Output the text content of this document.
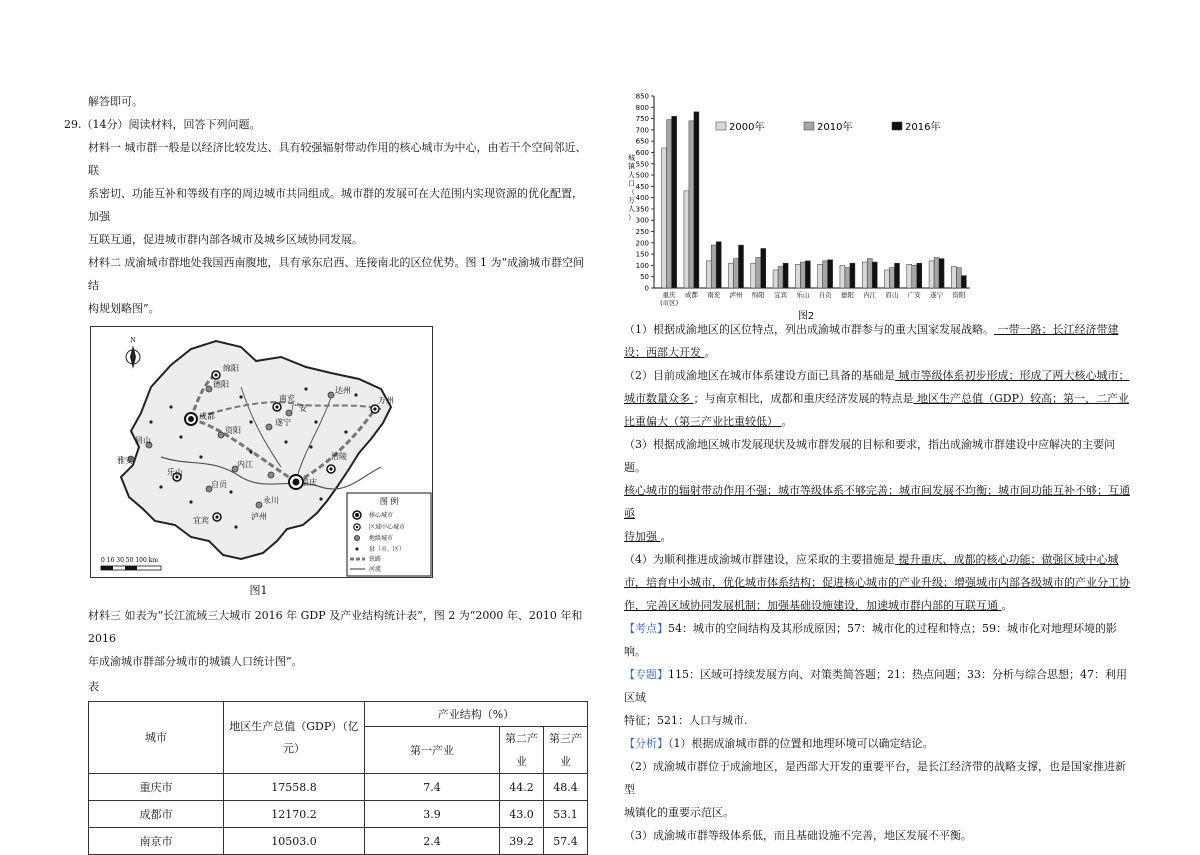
解答即可。

29.（14分）阅读材料，回答下列问题。

材料一 城市群一般是以经济比较发达、具有较强辐射带动作用的核心城市为中心，由若干个空间邻近、联

系密切、功能互补和等级有序的周边城市共同组成。城市群的发展可在大范围内实现资源的优化配置，加强

互联互通，促进城市群内部各城市及城乡区域协同发展。

材料二 成渝城市群地处我国西南腹地，具有承东启西、连接南北的区位优势。图 1 为“成渝城市群空间结

构规划略图”。

N
绵阳
德阳
成都
南充
达州
万州
广安
遂宁
资阳
眉山
雅安	内江
乐山
自贡
永川
重庆
涪陵
宜宾	泸州
图 例
核心城市
区域中心城市
地级城市
县（市、区）
铁路
河流
0 16 30 50 100 km

图1

材料三 如表为“长江流域三大城市 2016 年 GDP 及产业结构统计表”，图 2 为“2000 年、2010 年和 2016

年成渝城市群部分城市的城镇人口统计图”。

表

城市	地区生产总值（GDP）（亿元）	产业结构（%）		
		第一产业	第二产业	第三产业
重庆市	17558.8	7.4	44.2	48.4
成都市	12170.2	3.9	43.0	53.1
南京市	10503.0	2.4	39.2	57.4
0
50
100
150
200
250
300
350
400
450
500
550
600
650
700
750
800
850
城镇人口（万人）
重庆
(市区)
成都 南充 泸州 绵阳 宜宾 乐山 自贡 德阳 内江 眉山 广安 遂宁 资阳
2000年	2010年	2016年
图2

（1）根据成渝地区的区位特点，列出成渝城市群参与的重大国家发展战略。 一带一路；长江经济带建

设；西部大开发 。

（2）目前成渝地区在城市体系建设方面已具备的基础是 城市等级体系初步形成；形成了两大核心城市；

城市数量众多 ；与南京相比，成都和重庆经济发展的特点是 地区生产总值（GDP）较高；第一、二产业

比重偏大（第三产业比重较低） 。

（3）根据成渝地区城市发展现状及城市群发展的目标和要求，指出成渝城市群建设中应解决的主要问题。

核心城市的辐射带动作用不强；城市等级体系不够完善；城市间发展不均衡；城市间功能互补不够；互通亟

待加强 。

（4）为顺利推进成渝城市群建设，应采取的主要措施是 提升重庆、成都的核心功能；做强区域中心城

市，培育中小城市，优化城市体系结构；促进核心城市的产业升级；增强城市内部各级城市的产业分工协

作，完善区域协同发展机制；加强基础设施建设，加速城市群内部的互联互通 。

【考点】54：城市的空间结构及其形成原因；57：城市化的过程和特点；59：城市化对地理环境的影响。

【专题】115：区域可持续发展方向、对策类简答题；21：热点问题；33：分析与综合思想；47：利用区域

特征；521：人口与城市.

【分析】（1）根据成渝城市群的位置和地理环境可以确定结论。

（2）成渝城市群位于成渝地区，是西部大开发的重要平台，是长江经济带的战略支撑，也是国家推进新型

城镇化的重要示范区。

（3）成渝城市群等级体系低，而且基础设施不完善，地区发展不平衡。
